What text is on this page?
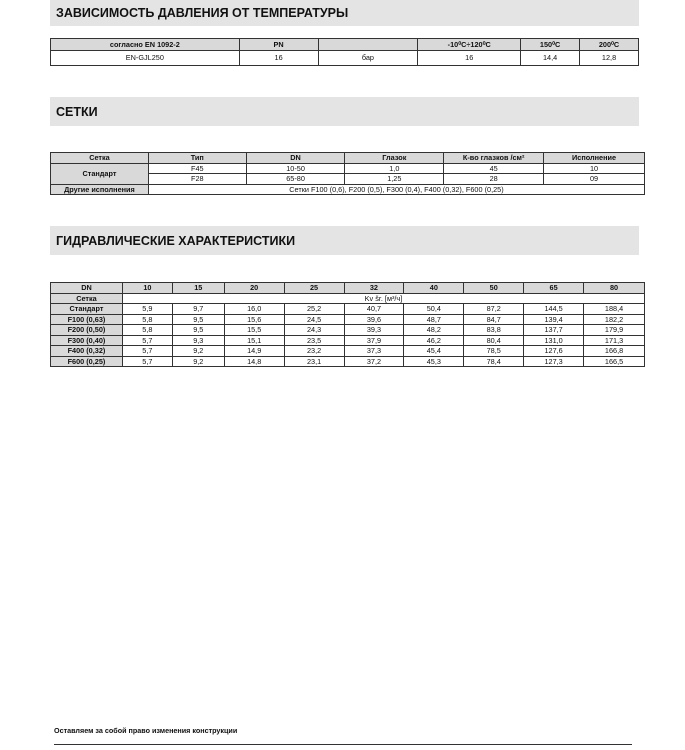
ЗАВИСИМОСТЬ ДАВЛЕНИЯ ОТ ТЕМПЕРАТУРЫ
согласно EN 1092-2	PN		-10⁰C÷120⁰C	150⁰C	200⁰C
EN-GJL250	16	бар	16	14,4	12,8
СЕТКИ
Сетка	Тип	DN	Глазок	К-во глазков /см²	Исполнение
Стандарт	F45	10-50	1,0	45	10
	F28	65-80	1,25	28	09
Другие исполнения	Сетки F100 (0,6), F200 (0,5), F300 (0,4), F400 (0,32), F600 (0,25)				
ГИДРАВЛИЧЕСКИЕ ХАРАКТЕРИСТИКИ
DN	10	15	20	25	32	40	50	65	80
Сетка	Kv šr. [м³/ч]								
Стандарт	5,9	9,7	16,0	25,2	40,7	50,4	87,2	144,5	188,4
F100 (0,63)	5,8	9,5	15,6	24,5	39,6	48,7	84,7	139,4	182,2
F200 (0,50)	5,8	9,5	15,5	24,3	39,3	48,2	83,8	137,7	179,9
F300 (0,40)	5,7	9,3	15,1	23,5	37,9	46,2	80,4	131,0	171,3
F400 (0,32)	5,7	9,2	14,9	23,2	37,3	45,4	78,5	127,6	166,8
F600 (0,25)	5,7	9,2	14,8	23,1	37,2	45,3	78,4	127,3	166,5
Оставляем за собой право изменения конструкции
